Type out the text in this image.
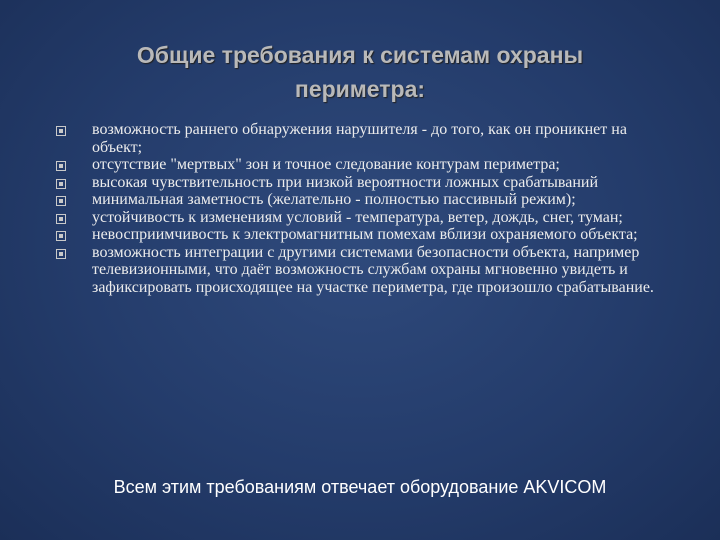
Общие требования к системам охраны
периметра:
возможность раннего обнаружения нарушителя - до того, как он проникнет на объект;
отсутствие "мертвых" зон и точное следование контурам периметра;
высокая чувствительность при низкой вероятности ложных срабатываний
минимальная заметность (желательно - полностью пассивный режим);
устойчивость к изменениям условий - температура, ветер, дождь, снег, туман;
невосприимчивость к электромагнитным помехам вблизи охраняемого объекта;
возможность интеграции с другими системами безопасности объекта, например телевизионными, что даёт возможность службам охраны мгновенно увидеть и зафиксировать происходящее на участке периметра, где произошло срабатывание.
Всем этим требованиям отвечает оборудование AKVICOM
